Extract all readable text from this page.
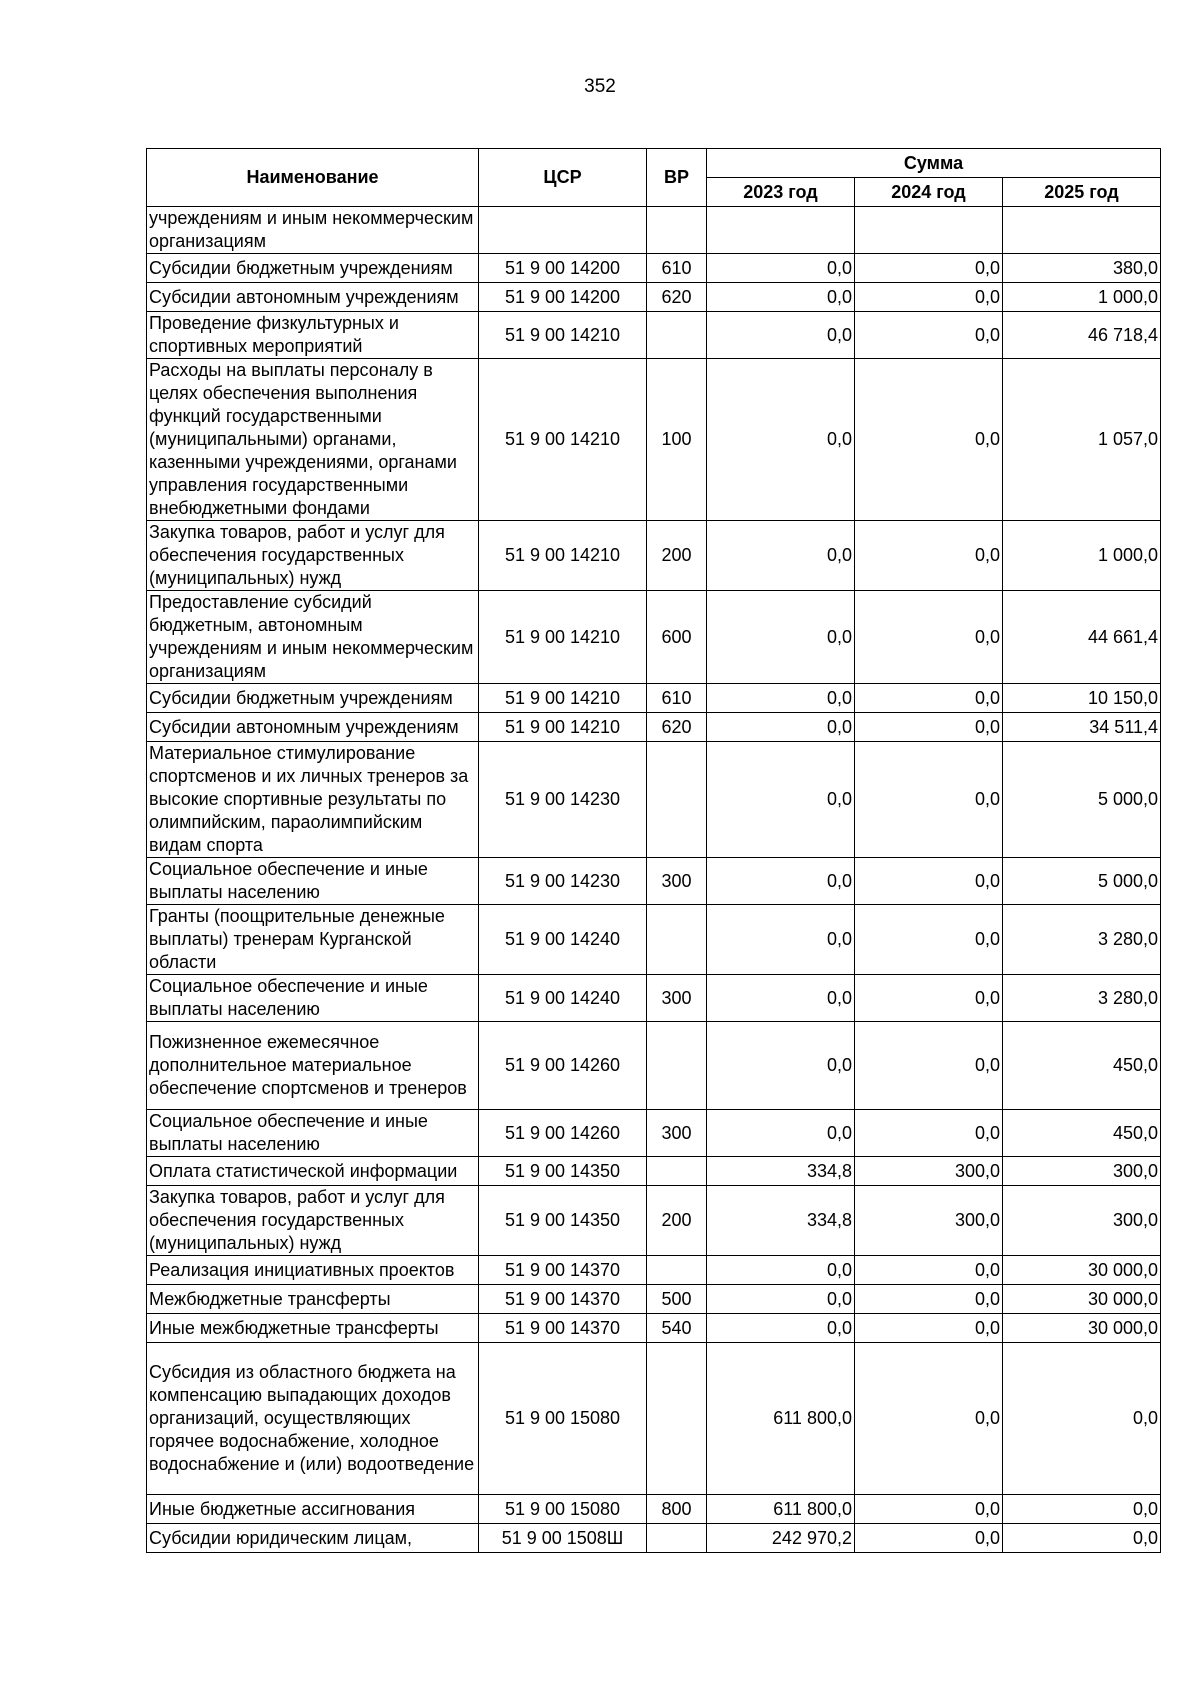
352
Наименование	ЦСР	ВР	Сумма		
			2023 год	2024 год	2025 год
учреждениям и иным некоммерческим организациям					
Субсидии бюджетным учреждениям	51 9 00 14200	610	0,0	0,0	380,0
Субсидии автономным учреждениям	51 9 00 14200	620	0,0	0,0	1 000,0
Проведение физкультурных и спортивных мероприятий	51 9 00 14210		0,0	0,0	46 718,4
Расходы на выплаты персоналу в целях обеспечения выполнения функций государственными (муниципальными) органами, казенными учреждениями, органами управления государственными внебюджетными фондами	51 9 00 14210	100	0,0	0,0	1 057,0
Закупка товаров, работ и услуг для обеспечения государственных (муниципальных) нужд	51 9 00 14210	200	0,0	0,0	1 000,0
Предоставление субсидий бюджетным, автономным учреждениям и иным некоммерческим организациям	51 9 00 14210	600	0,0	0,0	44 661,4
Субсидии бюджетным учреждениям	51 9 00 14210	610	0,0	0,0	10 150,0
Субсидии автономным учреждениям	51 9 00 14210	620	0,0	0,0	34 511,4
Материальное стимулирование спортсменов и их личных тренеров за высокие спортивные результаты по олимпийским, параолимпийским видам спорта	51 9 00 14230		0,0	0,0	5 000,0
Социальное обеспечение и иные выплаты населению	51 9 00 14230	300	0,0	0,0	5 000,0
Гранты (поощрительные денежные выплаты) тренерам Курганской области	51 9 00 14240		0,0	0,0	3 280,0
Социальное обеспечение и иные выплаты населению	51 9 00 14240	300	0,0	0,0	3 280,0
Пожизненное ежемесячное дополнительное материальное обеспечение спортсменов и тренеров	51 9 00 14260		0,0	0,0	450,0
Социальное обеспечение и иные выплаты населению	51 9 00 14260	300	0,0	0,0	450,0
Оплата статистической информации	51 9 00 14350		334,8	300,0	300,0
Закупка товаров, работ и услуг для обеспечения государственных (муниципальных) нужд	51 9 00 14350	200	334,8	300,0	300,0
Реализация инициативных проектов	51 9 00 14370		0,0	0,0	30 000,0
Межбюджетные трансферты	51 9 00 14370	500	0,0	0,0	30 000,0
Иные межбюджетные трансферты	51 9 00 14370	540	0,0	0,0	30 000,0
Субсидия из областного бюджета на компенсацию выпадающих доходов организаций, осуществляющих горячее водоснабжение, холодное водоснабжение и (или) водоотведение	51 9 00 15080		611 800,0	0,0	0,0
Иные бюджетные ассигнования	51 9 00 15080	800	611 800,0	0,0	0,0
Субсидии юридическим лицам,	51 9 00 1508Ш		242 970,2	0,0	0,0
